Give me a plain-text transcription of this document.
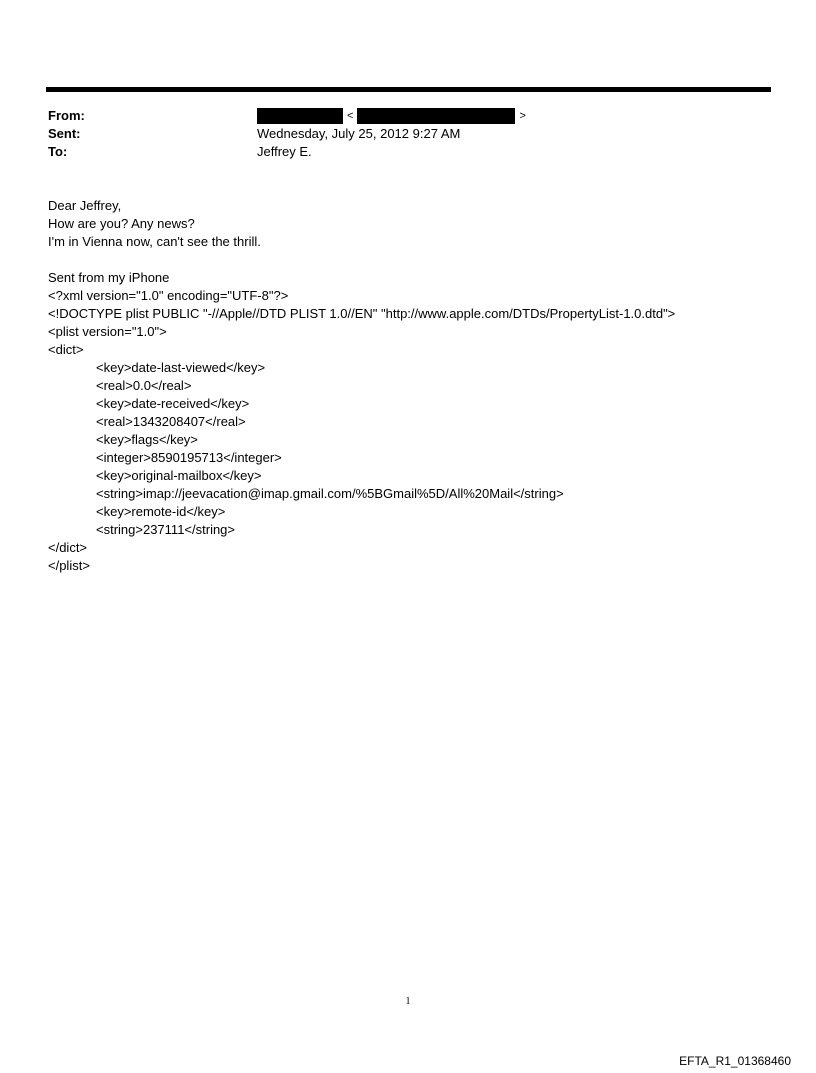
From:	<	>
Sent:	Wednesday, July 25, 2012 9:27 AM
To:	Jeffrey E.
Dear Jeffrey,
How are you? Any news?
I'm in Vienna now, can't see the thrill.
Sent from my iPhone
<?xml version="1.0" encoding="UTF-8"?>
<!DOCTYPE plist PUBLIC "-//Apple//DTD PLIST 1.0//EN" "http://www.apple.com/DTDs/PropertyList-1.0.dtd">
<plist version="1.0">
<dict>
<key>date-last-viewed</key>
<real>0.0</real>
<key>date-received</key>
<real>1343208407</real>
<key>flags</key>
<integer>8590195713</integer>
<key>original-mailbox</key>
<string>imap://jeevacation@imap.gmail.com/%5BGmail%5D/All%20Mail</string>
<key>remote-id</key>
<string>237111</string>
</dict>
</plist>
1
EFTA_R1_01368460
